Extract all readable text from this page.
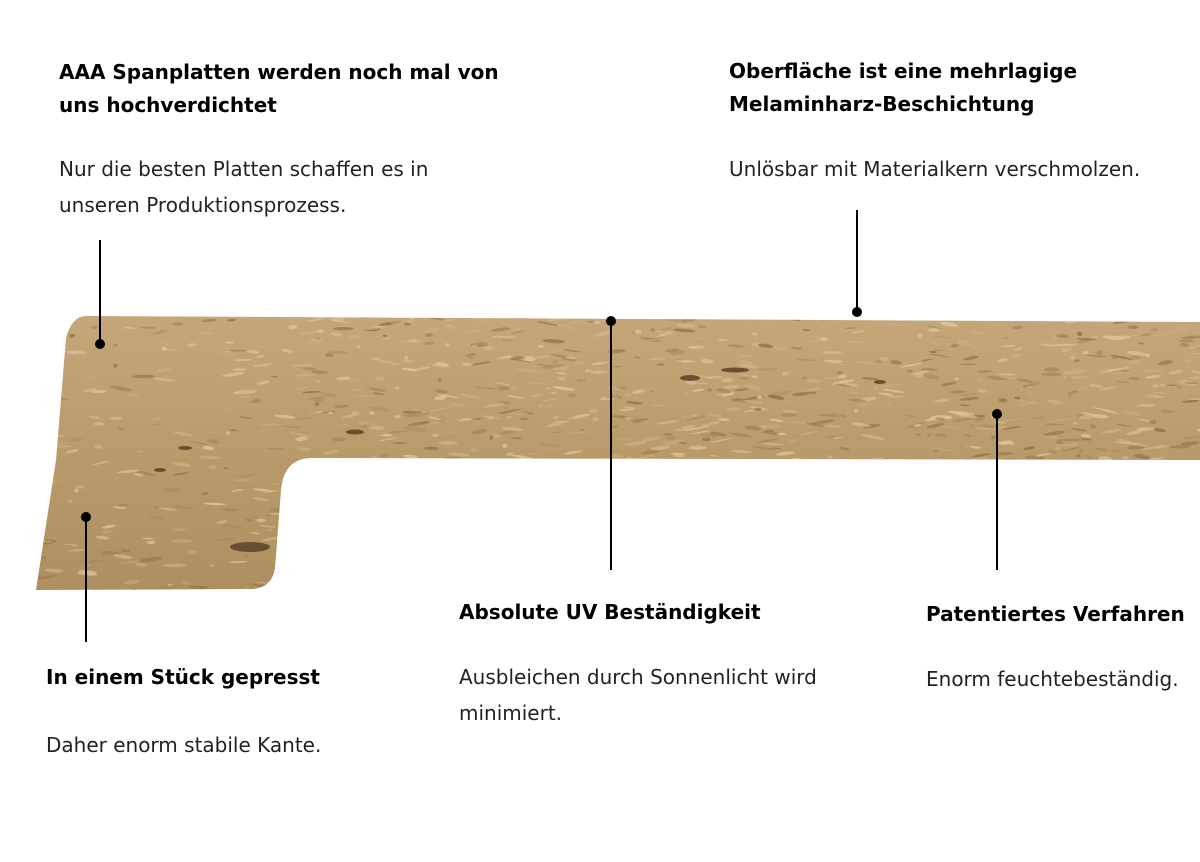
AAA Spanplatten werden noch mal von uns hochverdichtet

Nur die besten Platten schaffen es in unseren Produktionsprozess.

Oberfläche ist eine mehrlagige Melaminharz-Beschichtung

Unlösbar mit Materialkern verschmolzen.

In einem Stück gepresst

Daher enorm stabile Kante.

Absolute UV Beständigkeit

Ausbleichen durch Sonnenlicht wird minimiert.

Patentiertes Verfahren

Enorm feuchtebeständig.
